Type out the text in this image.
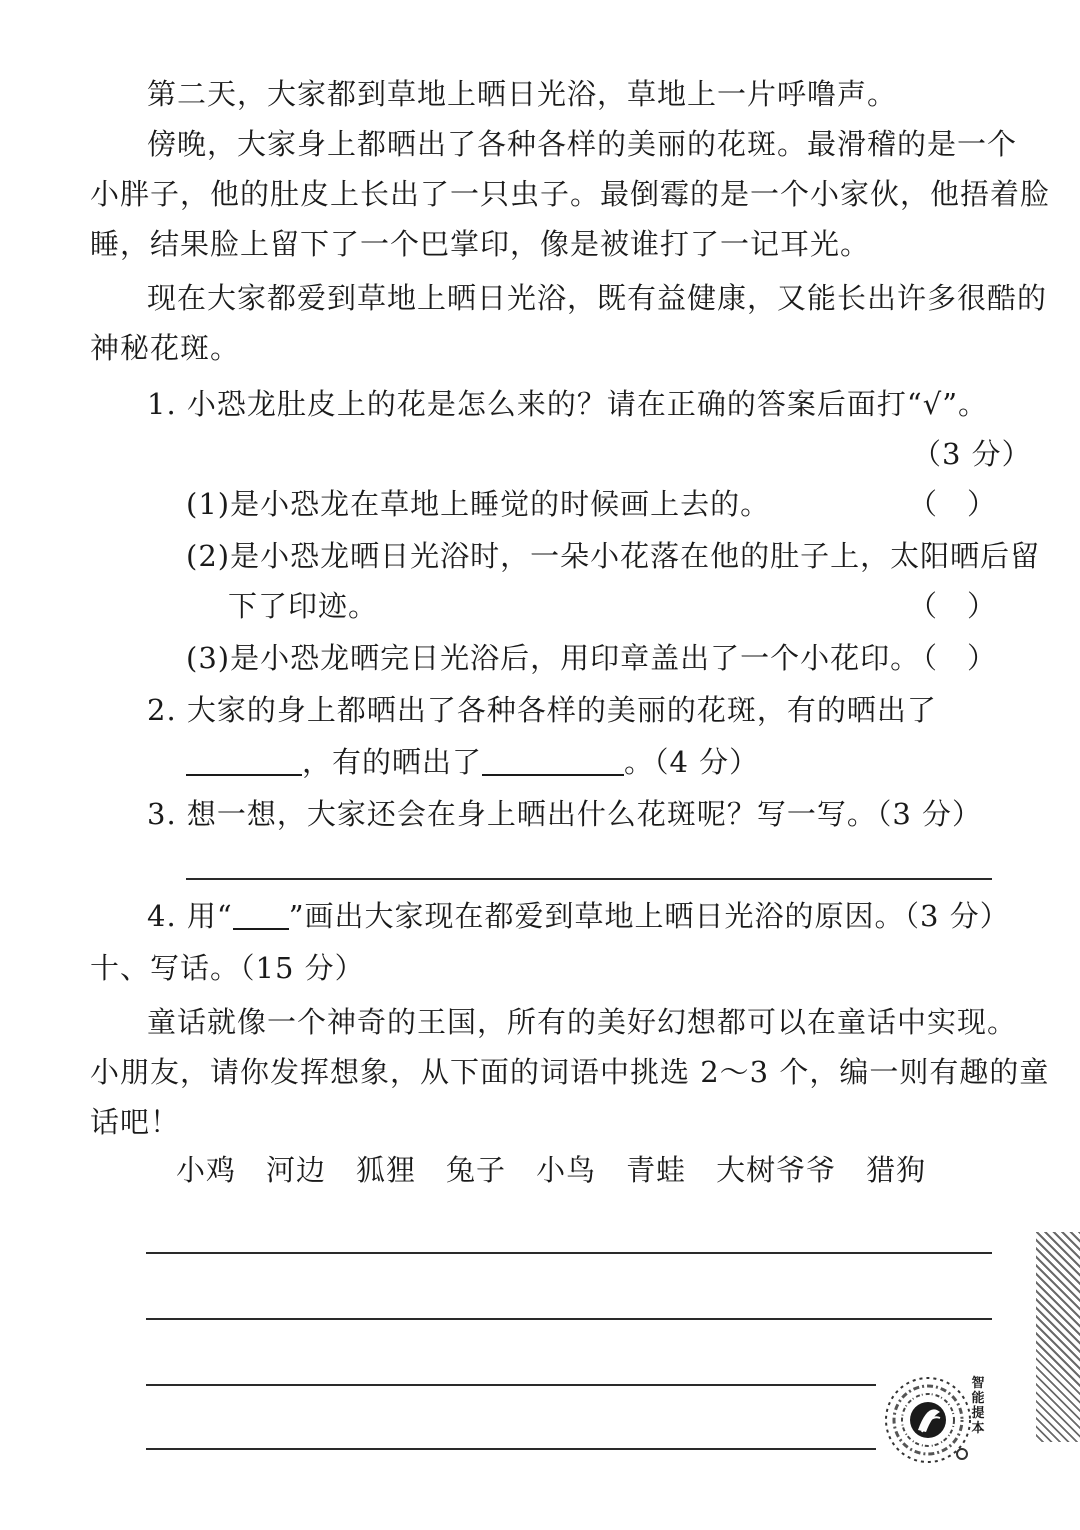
第二天，大家都到草地上晒日光浴，草地上一片呼噜声。
傍晚，大家身上都晒出了各种各样的美丽的花斑。最滑稽的是一个
小胖子，他的肚皮上长出了一只虫子。最倒霉的是一个小家伙，他捂着脸
睡，结果脸上留下了一个巴掌印，像是被谁打了一记耳光。
现在大家都爱到草地上晒日光浴，既有益健康，又能长出许多很酷的
神秘花斑。
1. 小恐龙肚皮上的花是怎么来的？请在正确的答案后面打“√”。
（3 分）
(1)是小恐龙在草地上睡觉的时候画上去的。	（）
(2)是小恐龙晒日光浴时，一朵小花落在他的肚子上，太阳晒后留
下了印迹。	（）
(3)是小恐龙晒完日光浴后，用印章盖出了一个小花印。
（）
2. 大家的身上都晒出了各种各样的美丽的花斑，有的晒出了
，有的晒出了	。（4 分）
3. 想一想，大家还会在身上晒出什么花斑呢？写一写。（3 分）
4. 用“ ”画出大家现在都爱到草地上晒日光浴的原因。（3 分）
十、写话。（15 分）
童话就像一个神奇的王国，所有的美好幻想都可以在童话中实现。
小朋友，请你发挥想象，从下面的词语中挑选 2～3 个，编一则有趣的童
话吧！
小鸡 河边 狐狸 兔子 小鸟 青蛙 大树爷爷 猎狗
智能提本
